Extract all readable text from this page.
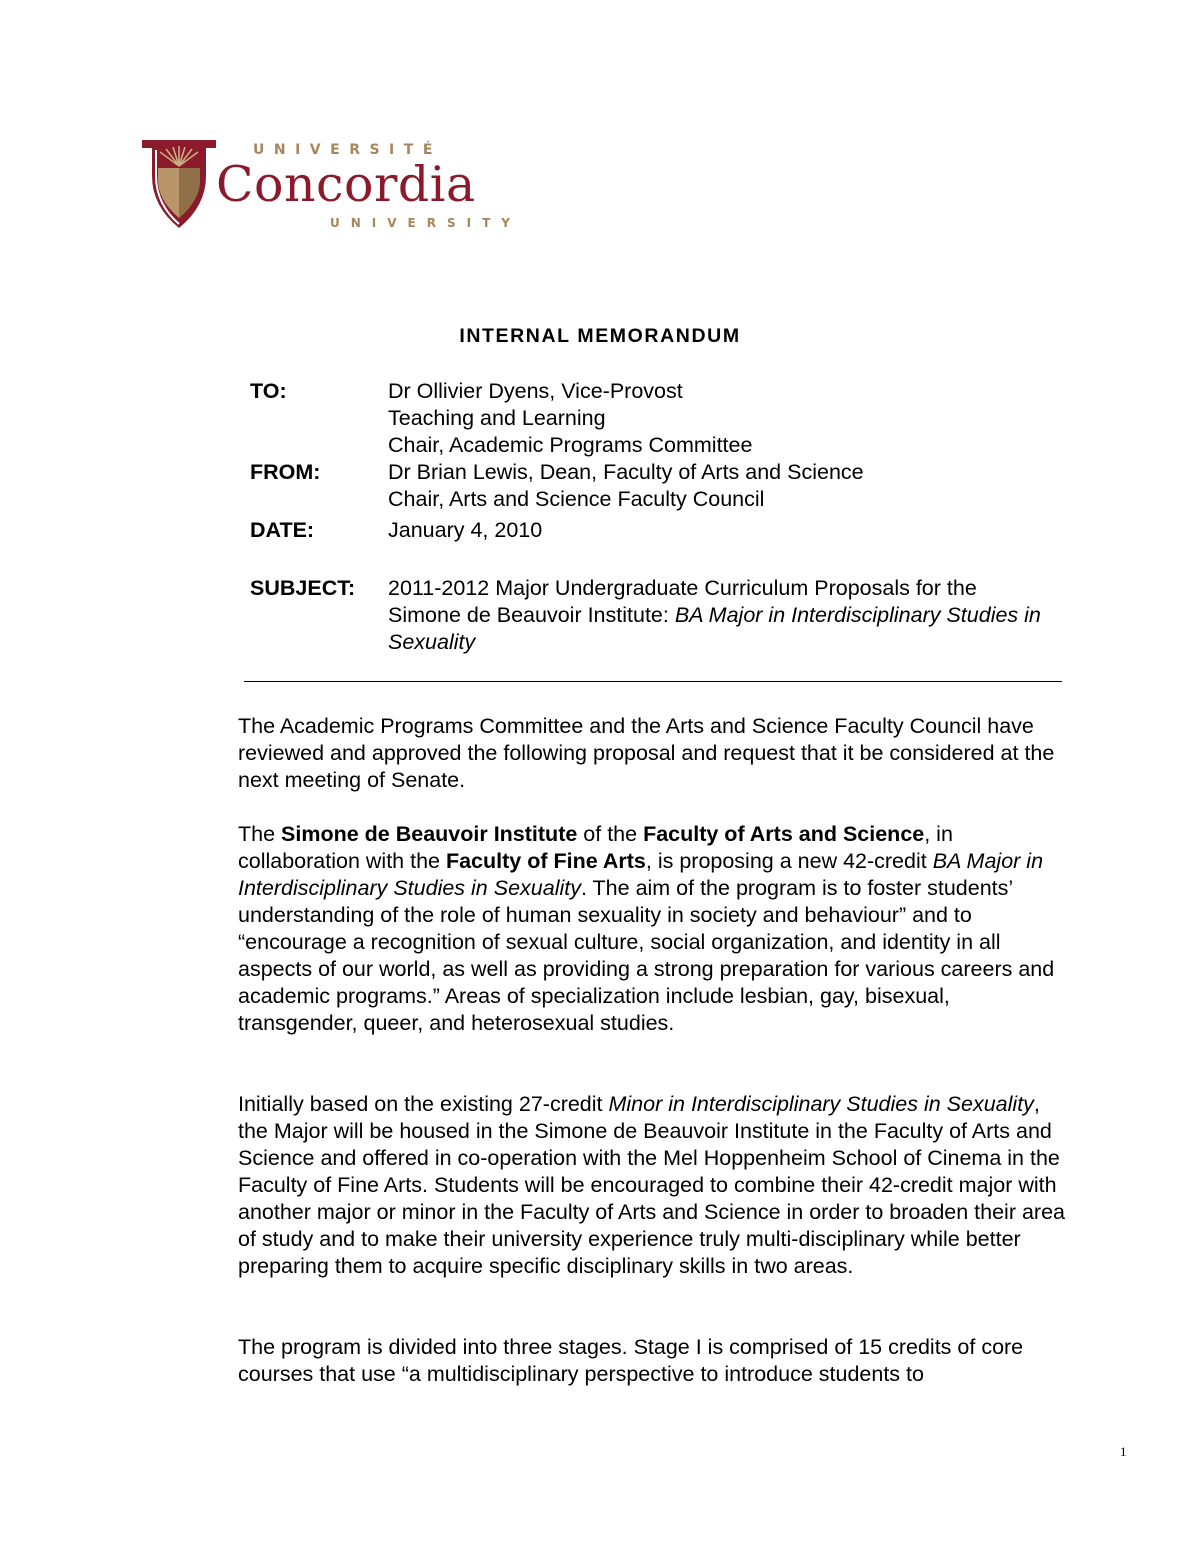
UNIVERSITÉ
Concordia
UNIVERSITY
INTERNAL MEMORANDUM
TO:	Dr Ollivier Dyens, Vice-Provost
Teaching and Learning
Chair, Academic Programs Committee
FROM:	Dr Brian Lewis, Dean, Faculty of Arts and Science
Chair, Arts and Science Faculty Council
DATE:	January 4, 2010
SUBJECT: 2011-2012 Major Undergraduate Curriculum Proposals for the Simone de Beauvoir Institute: BA Major in Interdisciplinary Studies in Sexuality
The Academic Programs Committee and the Arts and Science Faculty Council have reviewed and approved the following proposal and request that it be considered at the next meeting of Senate.
The Simone de Beauvoir Institute of the Faculty of Arts and Science, in collaboration with the Faculty of Fine Arts, is proposing a new 42-credit BA Major in Interdisciplinary Studies in Sexuality. The aim of the program is to foster students’ understanding of the role of human sexuality in society and behaviour” and to “encourage a recognition of sexual culture, social organization, and identity in all aspects of our world, as well as providing a strong preparation for various careers and academic programs.” Areas of specialization include lesbian, gay, bisexual, transgender, queer, and heterosexual studies.
Initially based on the existing 27-credit Minor in Interdisciplinary Studies in Sexuality, the Major will be housed in the Simone de Beauvoir Institute in the Faculty of Arts and Science and offered in co-operation with the Mel Hoppenheim School of Cinema in the Faculty of Fine Arts. Students will be encouraged to combine their 42-credit major with another major or minor in the Faculty of Arts and Science in order to broaden their area of study and to make their university experience truly multi-disciplinary while better preparing them to acquire specific disciplinary skills in two areas.
The program is divided into three stages. Stage I is comprised of 15 credits of core courses that use “a multidisciplinary perspective to introduce students to
1
